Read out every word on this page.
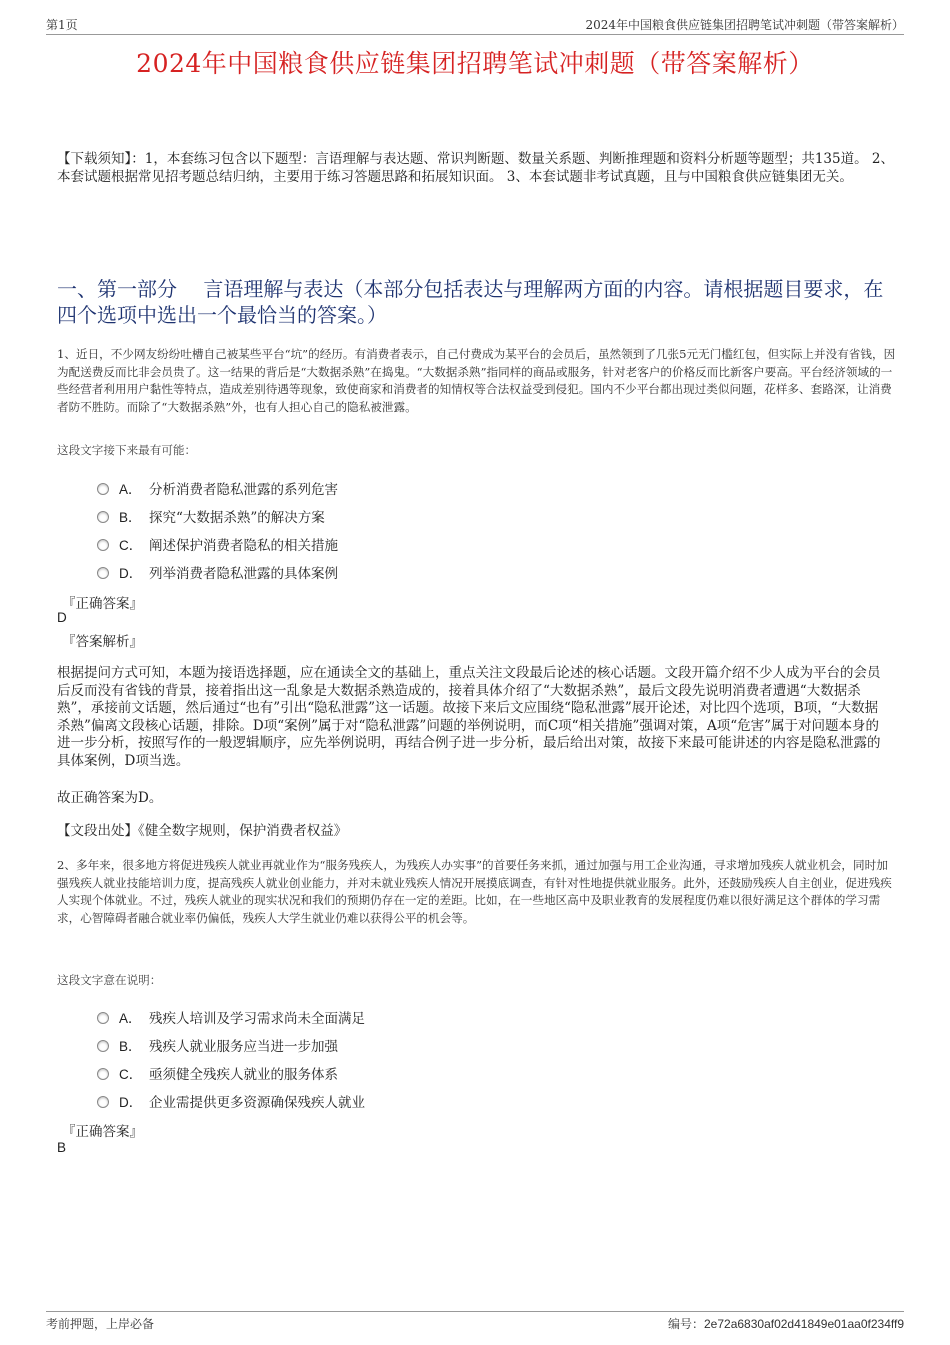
第1页	2024年中国粮食供应链集团招聘笔试冲刺题（带答案解析）
2024年中国粮食供应链集团招聘笔试冲刺题（带答案解析）
【下载须知】：1，本套练习包含以下题型：言语理解与表达题、常识判断题、数量关系题、判断推理题和资料分析题等题型；共135道。 2、本套试题根据常见招考题总结归纳，主要用于练习答题思路和拓展知识面。 3、本套试题非考试真题，且与中国粮食供应链集团无关。
一、第一部分　 言语理解与表达（本部分包括表达与理解两方面的内容。请根据题目要求，在四个选项中选出一个最恰当的答案。）
1、近日，不少网友纷纷吐槽自己被某些平台“坑”的经历。有消费者表示，自己付费成为某平台的会员后，虽然领到了几张5元无门槛红包，但实际上并没有省钱，因为配送费反而比非会员贵了。这一结果的背后是“大数据杀熟”在捣鬼。“大数据杀熟”指同样的商品或服务，针对老客户的价格反而比新客户要高。平台经济领域的一些经营者利用用户黏性等特点，造成差别待遇等现象，致使商家和消费者的知情权等合法权益受到侵犯。国内不少平台都出现过类似问题，花样多、套路深，让消费者防不胜防。而除了“大数据杀熟”外，也有人担心自己的隐私被泄露。
这段文字接下来最有可能：
A． 分析消费者隐私泄露的系列危害
B． 探究“大数据杀熟”的解决方案
C． 阐述保护消费者隐私的相关措施
D． 列举消费者隐私泄露的具体案例
『正确答案』
D
『答案解析』
根据提问方式可知，本题为接语选择题，应在通读全文的基础上，重点关注文段最后论述的核心话题。文段开篇介绍不少人成为平台的会员后反而没有省钱的背景，接着指出这一乱象是大数据杀熟造成的，接着具体介绍了“大数据杀熟”，最后文段先说明消费者遭遇“大数据杀熟”，承接前文话题，然后通过“也有”引出“隐私泄露”这一话题。故接下来后文应围绕“隐私泄露”展开论述，对比四个选项，B项，“大数据杀熟”偏离文段核心话题，排除。D项“案例”属于对“隐私泄露”问题的举例说明，而C项“相关措施”强调对策，A项“危害”属于对问题本身的进一步分析，按照写作的一般逻辑顺序，应先举例说明，再结合例子进一步分析，最后给出对策，故接下来最可能讲述的内容是隐私泄露的具体案例，D项当选。
故正确答案为D。
【文段出处】《健全数字规则，保护消费者权益》
2、多年来，很多地方将促进残疾人就业再就业作为“服务残疾人，为残疾人办实事”的首要任务来抓，通过加强与用工企业沟通，寻求增加残疾人就业机会，同时加强残疾人就业技能培训力度，提高残疾人就业创业能力，并对未就业残疾人情况开展摸底调查，有针对性地提供就业服务。此外，还鼓励残疾人自主创业，促进残疾人实现个体就业。不过，残疾人就业的现实状况和我们的预期仍存在一定的差距。比如，在一些地区高中及职业教育的发展程度仍难以很好满足这个群体的学习需求，心智障碍者融合就业率仍偏低，残疾人大学生就业仍难以获得公平的机会等。
这段文字意在说明：
A． 残疾人培训及学习需求尚未全面满足
B． 残疾人就业服务应当进一步加强
C． 亟须健全残疾人就业的服务体系
D． 企业需提供更多资源确保残疾人就业
『正确答案』
B
考前押题，上岸必备	编号：2e72a6830af02d41849e01aa0f234ff9
